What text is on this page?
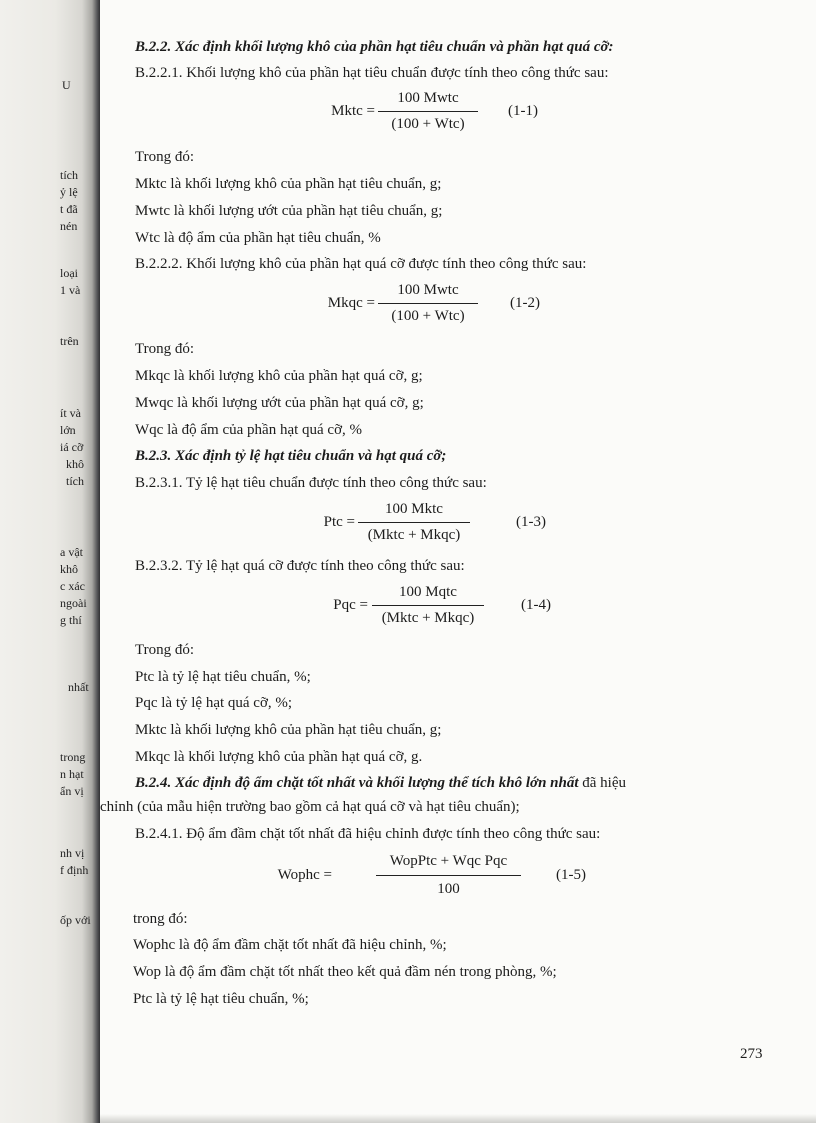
U
tích
ỷ lệ
t đã
nén
loại
1 và
trên
ít và
lớn
iá cỡ
khô
tích
a vật
khô
c xác
ngoài
g thí
nhất
trong
n hạt
ẩn vị
nh vị
f định
ốp với
B.2.2. Xác định khối lượng khô của phần hạt tiêu chuẩn và phần hạt quá cỡ:
B.2.2.1. Khối lượng khô của phần hạt tiêu chuẩn được tính theo công thức sau:
Mktc =
100 Mwtc
(100 + Wtc)
(1-1)
Trong đó:
Mktc là khối lượng khô của phần hạt tiêu chuẩn, g;
Mwtc là khối lượng ướt của phần hạt tiêu chuẩn, g;
Wtc là độ ẩm của phần hạt tiêu chuẩn, %
B.2.2.2. Khối lượng khô của phần hạt quá cỡ được tính theo công thức sau:
Mkqc =
100 Mwtc
(100 + Wtc)
(1-2)
Trong đó:
Mkqc là khối lượng khô của phần hạt quá cỡ, g;
Mwqc là khối lượng ướt của phần hạt quá cỡ, g;
Wqc là độ ẩm của phần hạt quá cỡ, %
B.2.3. Xác định tỷ lệ hạt tiêu chuẩn và hạt quá cỡ;
B.2.3.1. Tỷ lệ hạt tiêu chuẩn được tính theo công thức sau:
Ptc =
100 Mktc
(Mktc + Mkqc)
(1-3)
B.2.3.2. Tỷ lệ hạt quá cỡ được tính theo công thức sau:
Pqc =
100 Mqtc
(Mktc + Mkqc)
(1-4)
Trong đó:
Ptc là tỷ lệ hạt tiêu chuẩn, %;
Pqc là tỷ lệ hạt quá cỡ, %;
Mktc là khối lượng khô của phần hạt tiêu chuẩn, g;
Mkqc là khối lượng khô của phần hạt quá cỡ, g.
B.2.4. Xác định độ ẩm chặt tốt nhất và khối lượng thể tích khô lớn nhất đã hiệu
chỉnh (của mẫu hiện trường bao gồm cả hạt quá cỡ và hạt tiêu chuẩn);
B.2.4.1. Độ ẩm đầm chặt tốt nhất đã hiệu chỉnh được tính theo công thức sau:
Wophc =
WopPtc + Wqc Pqc
100
(1-5)
trong đó:
Wophc là độ ẩm đầm chặt tốt nhất đã hiệu chỉnh, %;
Wop là độ ẩm đầm chặt tốt nhất theo kết quả đầm nén trong phòng, %;
Ptc là tỷ lệ hạt tiêu chuẩn, %;
273
